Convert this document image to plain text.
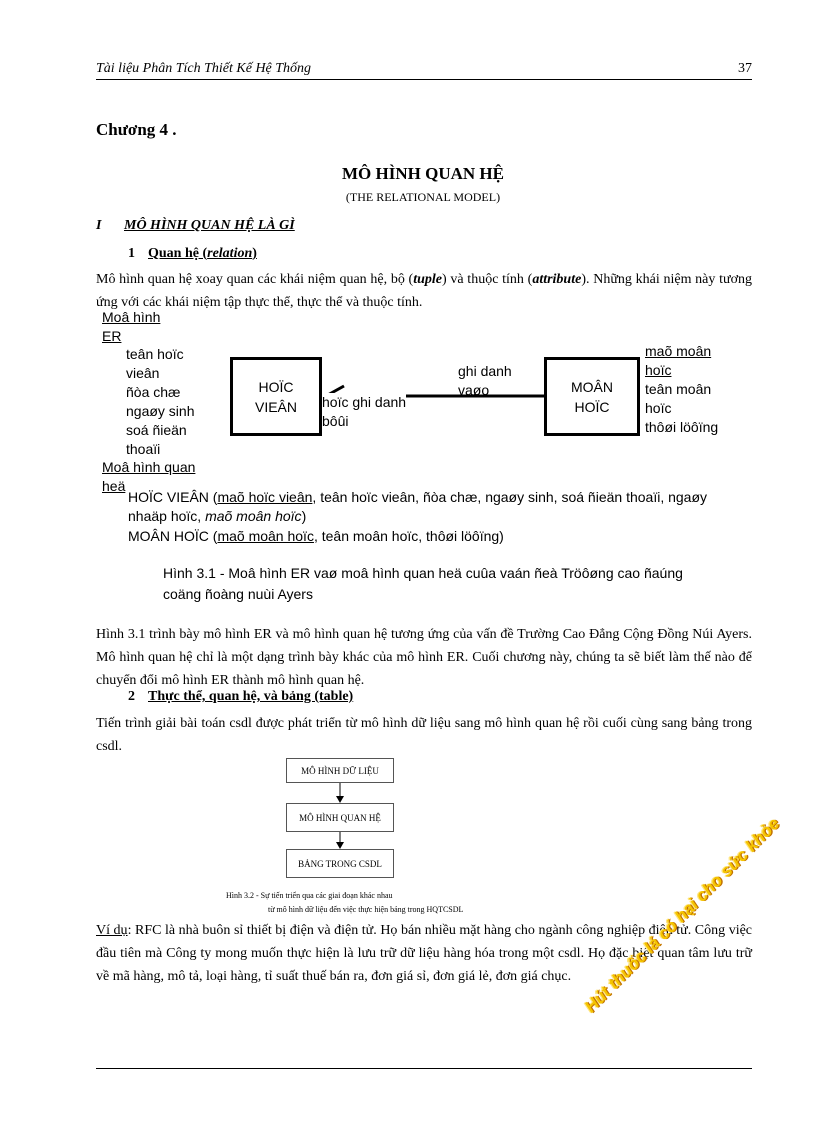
Tài liệu Phân Tích Thiết Kế Hệ Thống	37
Chương 4 .
MÔ HÌNH QUAN HỆ
(THE RELATIONAL MODEL)
I MÔ HÌNH QUAN HỆ LÀ GÌ
1 Quan hệ (relation)
Mô hình quan hệ xoay quan các khái niệm quan hệ, bộ (tuple) và thuộc tính (attribute). Những khái niệm này tương ứng với các khái niệm tập thực thể, thực thể và thuộc tính.
Moâ hình
ER
teân hoïc
vieân
ñòa chæ
ngaøy sinh
soá ñieän
thoaïi
HOÏC
VIEÂN hoïc ghi danh
bôûi
ghi danh
vaøo	MOÂN
HOÏC
maõ moân
hoïc
teân moân
hoïc
thôøi löôïng
Moâ hình quan
heä
HOÏC VIEÂN (maõ hoïc vieân, teân hoïc vieân, ñòa chæ, ngaøy sinh, soá ñieän thoaïi, ngaøy
nhaäp hoïc, maõ moân hoïc)
MOÂN HOÏC (maõ moân hoïc, teân moân hoïc, thôøi löôïng)
Hình 3.1 - Moâ hình ER vaø moâ hình quan heä cuûa vaán ñeà Tröôøng cao ñaúng
coäng ñoàng nuùi Ayers
Hình 3.1 trình bày mô hình ER và mô hình quan hệ tương ứng của vấn đề Trường Cao Đẳng Cộng Đồng Núi Ayers. Mô hình quan hệ chỉ là một dạng trình bày khác của mô hình ER. Cuối chương này, chúng ta sẽ biết làm thế nào để chuyển đổi mô hình ER thành mô hình quan hệ.
2 Thực thể, quan hệ, và bảng (table)
Tiến trình giải bài toán csdl được phát triển từ mô hình dữ liệu sang mô hình quan hệ rồi cuối cùng sang bảng trong csdl.
MÔ HÌNH DỮ LIỆU
MÔ HÌNH QUAN HỆ
BẢNG TRONG CSDL
Hình 3.2 - Sự tiến triển qua các giai đoạn khác nhau
từ mô hình dữ liệu đến việc thực hiện bảng trong HQTCSDL
Ví dụ: RFC là nhà buôn sỉ thiết bị điện và điện tử. Họ bán nhiều mặt hàng cho ngành công nghiệp điện tử. Công việc đầu tiên mà Công ty mong muốn thực hiện là lưu trữ dữ liệu hàng hóa trong một csdl. Họ đặc biệt quan tâm lưu trữ về mã hàng, mô tả, loại hàng, tỉ suất thuế bán ra, đơn giá sỉ, đơn giá lẻ, đơn giá chục. Hút thuốc lá có hại cho sức khỏe
